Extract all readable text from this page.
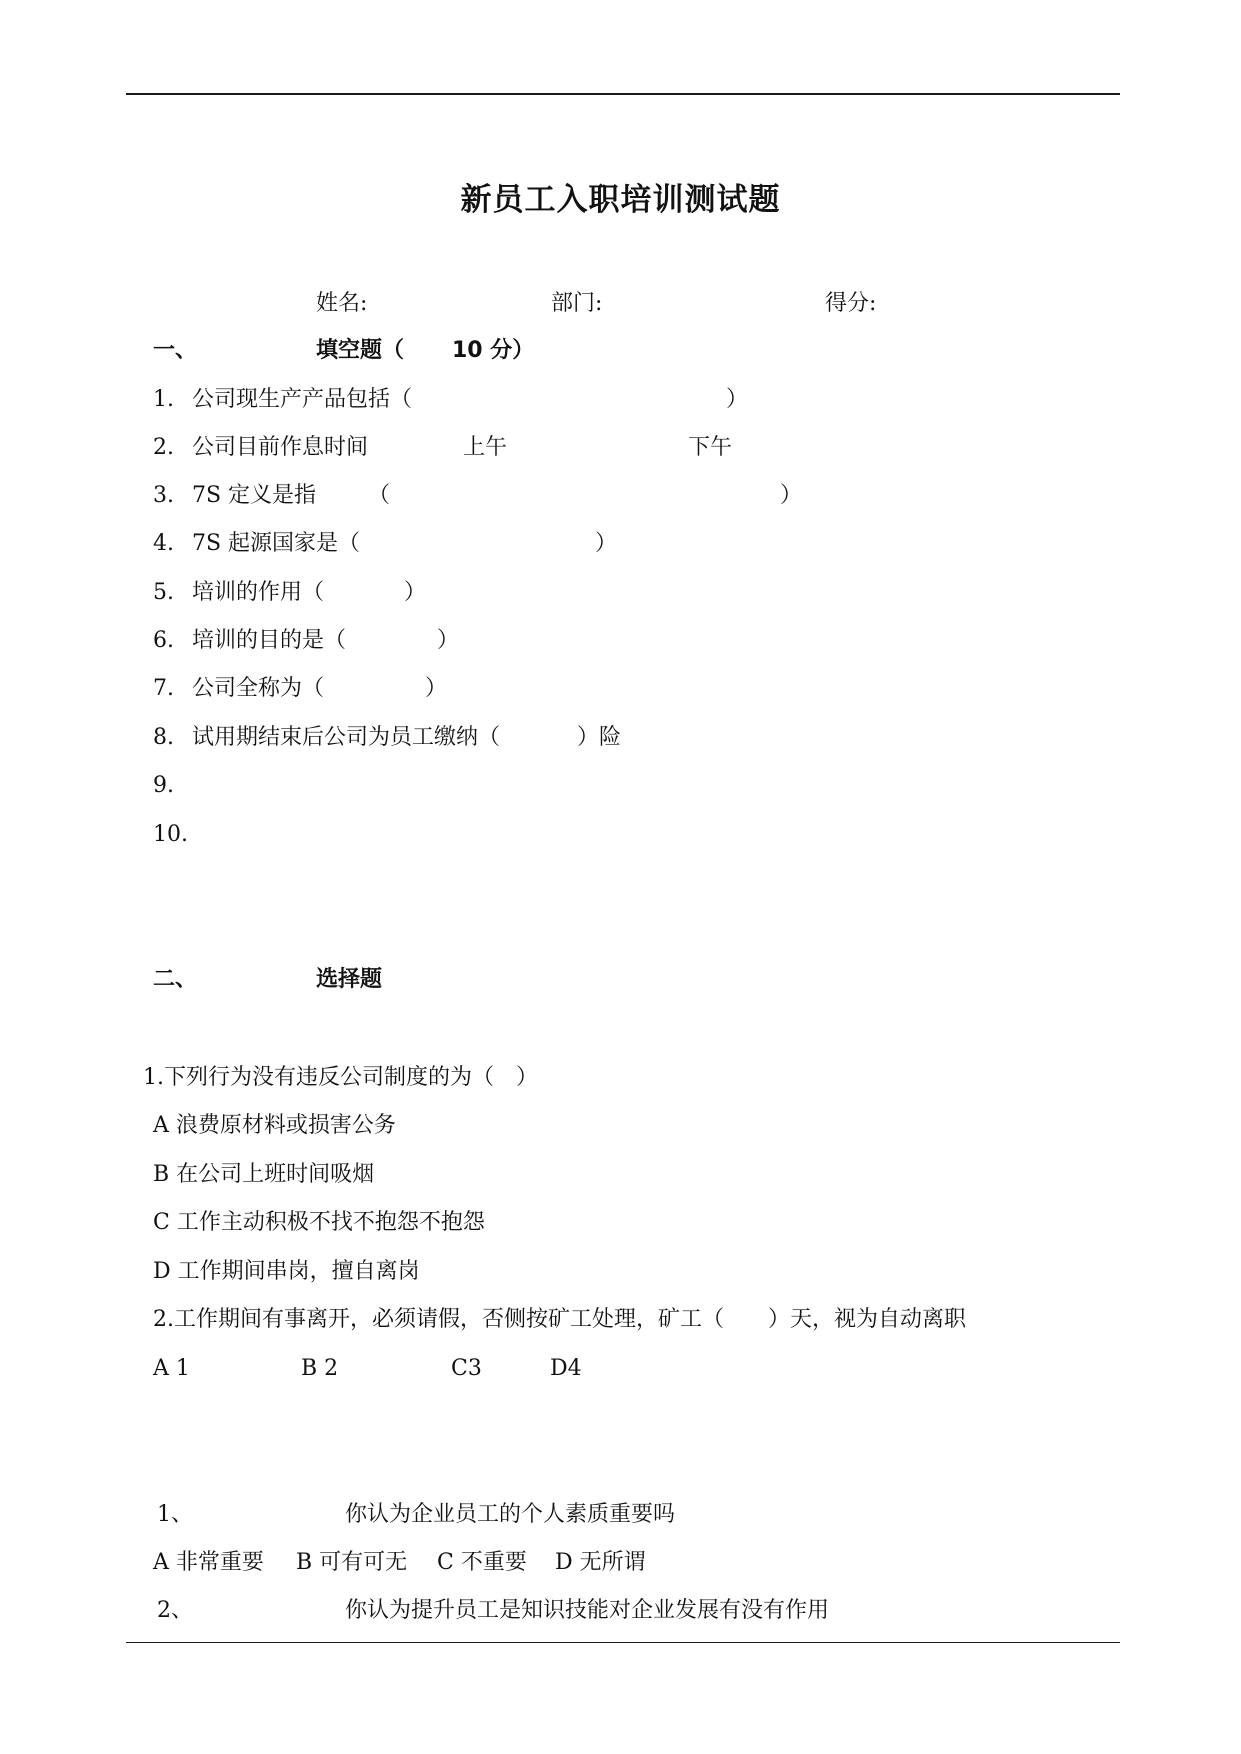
新员工入职培训测试题
姓名:	部门:	得分:
一、	填空题（ 10 分）
1. 公司现生产产品包括（	）
2. 公司目前作息时间	上午	下午
3. 7S 定义是指 （	）
4. 7S 起源国家是（	）
5. 培训的作用（	）
6. 培训的目的是（	）
7. 公司全称为（	）
8. 试用期结束后公司为员工缴纳（	）险
9.
10.
二、	选择题
1.下列行为没有违反公司制度的为（　）
A 浪费原材料或损害公务
B 在公司上班时间吸烟
C 工作主动积极不找不抱怨不抱怨
D 工作期间串岗，擅自离岗
2.工作期间有事离开，必须请假，否侧按矿工处理，矿工（　　）天，视为自动离职
A 1	B 2	C3	D4
1、	你认为企业员工的个人素质重要吗
A 非常重要 B 可有可无 C 不重要 D 无所谓
2、	你认为提升员工是知识技能对企业发展有没有作用
